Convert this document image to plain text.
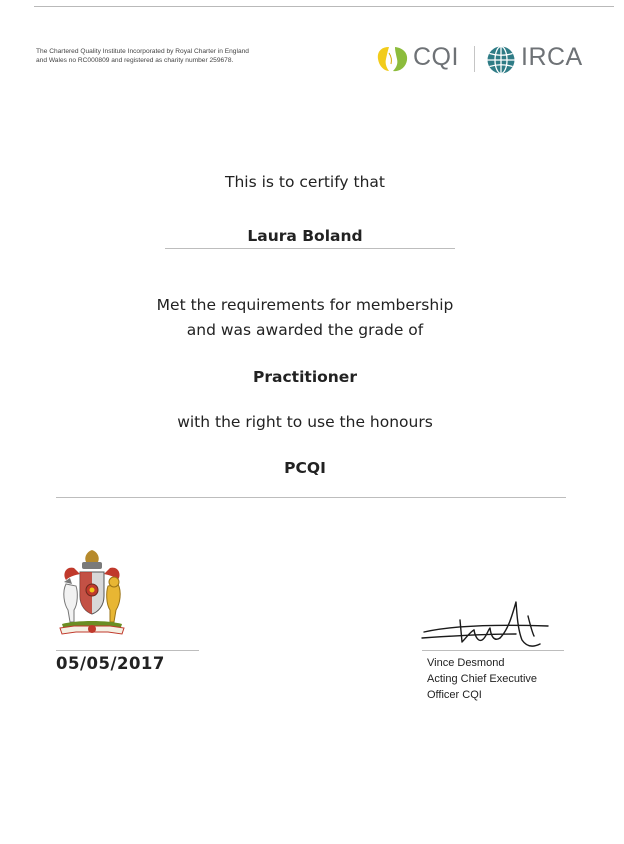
The Chartered Quality Institute Incorporated by Royal Charter in England
and Wales no RC000809 and registered as charity number 259678.	CQI IRCA
This is to certify that
Laura Boland
Met the requirements for membership
and was awarded the grade of
Practitioner
with the right to use the honours
PCQI
05/05/2017	Vince Desmond
Acting Chief Executive
Officer CQI
